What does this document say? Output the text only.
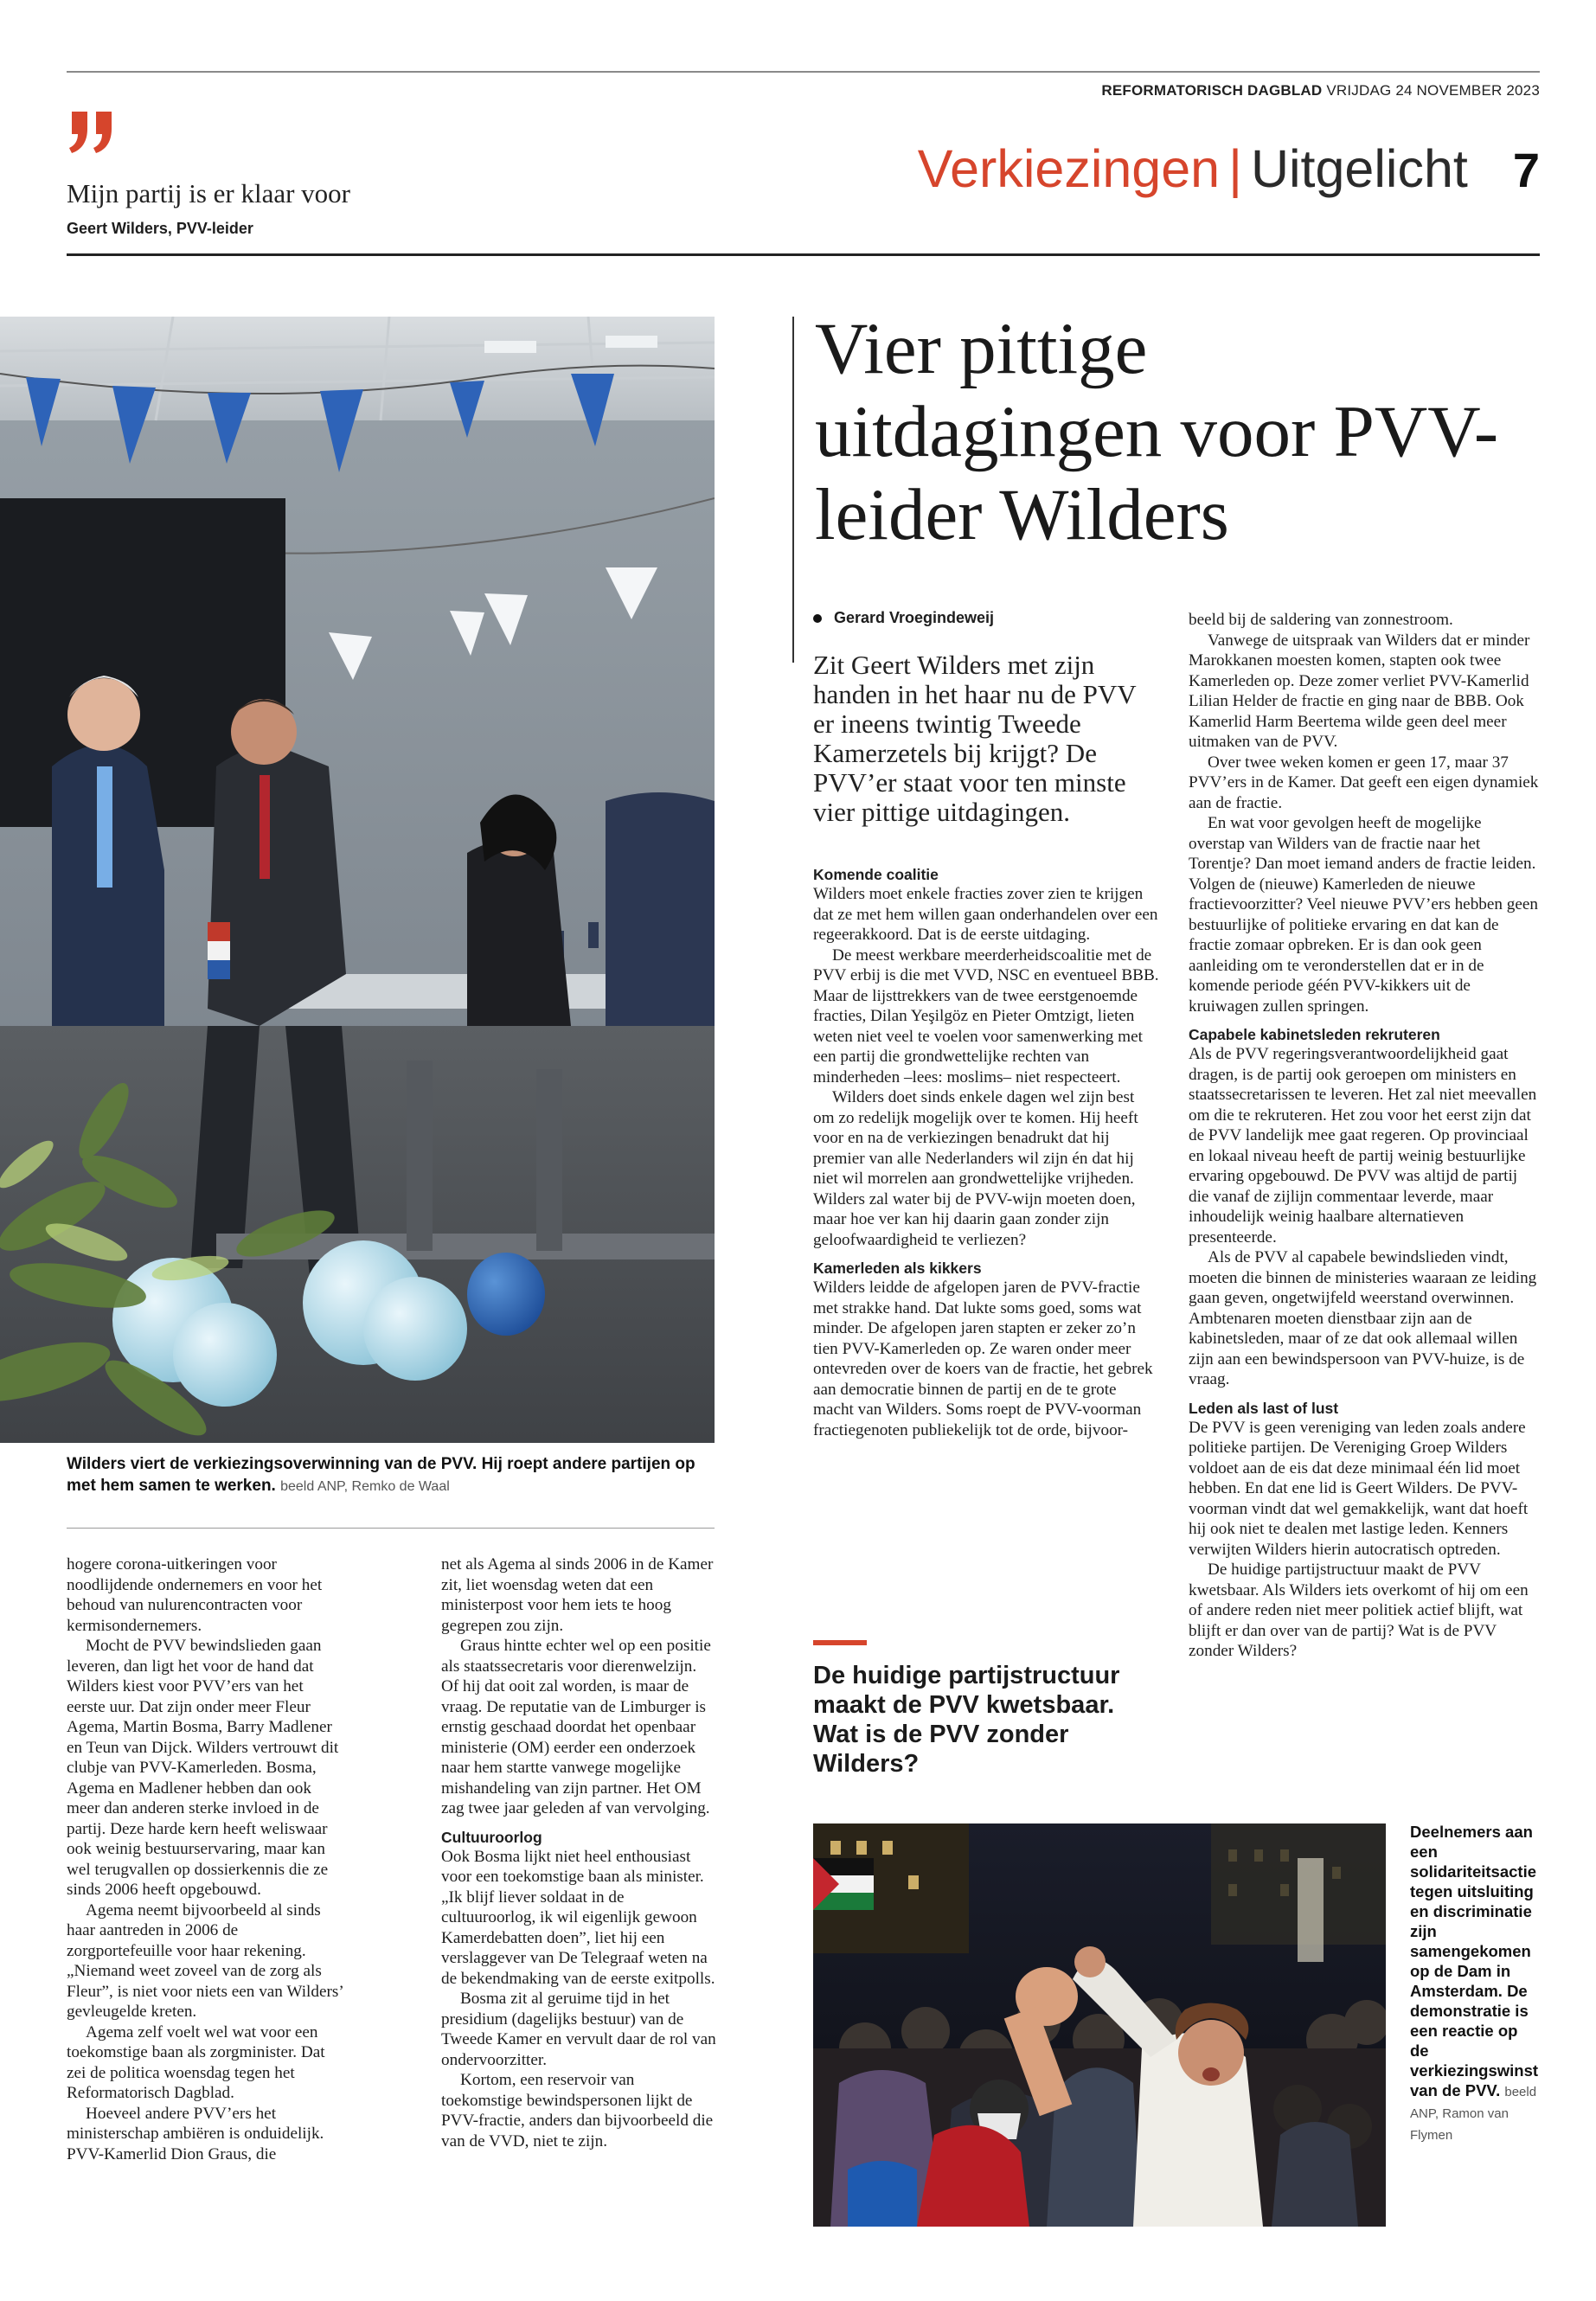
REFORMATORISCH DAGBLAD VRIJDAG 24 NOVEMBER 2023
Mijn partij is er klaar voor
Geert Wilders, PVV-leider
Verkiezingen | Uitgelicht 7
Wilders viert de verkiezingsoverwinning van de PVV. Hij roept andere partijen op met hem samen te werken. beeld ANP, Remko de Waal
Vier pittige uitdagingen voor PVV-leider Wilders
Gerard Vroegindeweij
Zit Geert Wilders met zijn handen in het haar nu de PVV er ineens twintig Tweede Kamerzetels bij krijgt? De PVV’er staat voor ten minste vier pittige uitdagingen.
Komende coalitie

Wilders moet enkele fracties zover zien te krijgen dat ze met hem willen gaan onderhandelen over een regeerakkoord. Dat is de eerste uitdaging.

De meest werkbare meerderheidscoalitie met de PVV erbij is die met VVD, NSC en eventueel BBB. Maar de lijsttrekkers van de twee eerstgenoemde fracties, Dilan Yeşilgöz en Pieter Omtzigt, lieten weten niet veel te voelen voor samenwerking met een partij die grondwettelijke rechten van minderheden –lees: moslims– niet respecteert.

Wilders doet sinds enkele dagen wel zijn best om zo redelijk mogelijk over te komen. Hij heeft voor en na de verkiezingen benadrukt dat hij premier van alle Nederlanders wil zijn én dat hij niet wil morrelen aan grondwettelijke vrijheden. Wilders zal water bij de PVV-wijn moeten doen, maar hoe ver kan hij daarin gaan zonder zijn geloofwaardigheid te verliezen?

Kamerleden als kikkers

Wilders leidde de afgelopen jaren de PVV-fractie met strakke hand. Dat lukte soms goed, soms wat minder. De afgelopen jaren stapten er zeker zo’n tien PVV-Kamerleden op. Ze waren onder meer ontevreden over de koers van de fractie, het gebrek aan democratie binnen de partij en de te grote macht van Wilders. Soms roept de PVV-voorman fractiegenoten publiekelijk tot de orde, bijvoor-

beeld bij de saldering van zonnestroom.

Vanwege de uitspraak van Wilders dat er minder Marokkanen moesten komen, stapten ook twee Kamerleden op. Deze zomer verliet PVV-Kamerlid Lilian Helder de fractie en ging naar de BBB. Ook Kamerlid Harm Beertema wilde geen deel meer uitmaken van de PVV.

Over twee weken komen er geen 17, maar 37 PVV’ers in de Kamer. Dat geeft een eigen dynamiek aan de fractie.

En wat voor gevolgen heeft de mogelijke overstap van Wilders van de fractie naar het Torentje? Dan moet iemand anders de fractie leiden. Volgen de (nieuwe) Kamerleden de nieuwe fractievoorzitter? Veel nieuwe PVV’ers hebben geen bestuurlijke of politieke ervaring en dat kan de fractie zomaar opbreken. Er is dan ook geen aanleiding om te veronderstellen dat er in de komende periode géén PVV-kikkers uit de kruiwagen zullen springen.

Capabele kabinetsleden rekruteren

Als de PVV regeringsverantwoordelijkheid gaat dragen, is de partij ook geroepen om ministers en staatssecretarissen te leveren. Het zal niet meevallen om die te rekruteren. Het zou voor het eerst zijn dat de PVV landelijk mee gaat regeren. Op provinciaal en lokaal niveau heeft de partij weinig bestuurlijke ervaring opgebouwd. De PVV was altijd de partij die vanaf de zijlijn commentaar leverde, maar inhoudelijk weinig haalbare alternatieven presenteerde.

Als de PVV al capabele bewindslieden vindt, moeten die binnen de ministeries waaraan ze leiding gaan geven, ongetwijfeld weerstand overwinnen. Ambtenaren moeten dienstbaar zijn aan de kabinetsleden, maar of ze dat ook allemaal willen zijn aan een bewindspersoon van PVV-huize, is de vraag.

Leden als last of lust

De PVV is geen vereniging van leden zoals andere politieke partijen. De Vereniging Groep Wilders voldoet aan de eis dat deze minimaal één lid moet hebben. En dat ene lid is Geert Wilders. De PVV-voorman vindt dat wel gemakkelijk, want dat hoeft hij ook niet te dealen met lastige leden. Kenners verwijten Wilders hierin autocratisch optreden.

De huidige partijstructuur maakt de PVV kwetsbaar. Als Wilders iets overkomt of hij om een of andere reden niet meer politiek actief blijft, wat blijft er dan over van de partij? Wat is de PVV zonder Wilders?

De huidige partijstructuur maakt de PVV kwetsbaar. Wat is de PVV zonder Wilders?

hogere corona-uitkeringen voor noodlijdende ondernemers en voor het behoud van nulurencontracten voor kermisondernemers.

Mocht de PVV bewindslieden gaan leveren, dan ligt het voor de hand dat Wilders kiest voor PVV’ers van het eerste uur. Dat zijn onder meer Fleur Agema, Martin Bosma, Barry Madlener en Teun van Dijck. Wilders vertrouwt dit clubje van PVV-Kamerleden. Bosma, Agema en Madlener hebben dan ook meer dan anderen sterke invloed in de partij. Deze harde kern heeft weliswaar ook weinig bestuurservaring, maar kan wel terugvallen op dossierkennis die ze sinds 2006 heeft opgebouwd.

Agema neemt bijvoorbeeld al sinds haar aantreden in 2006 de zorgportefeuille voor haar rekening. „Niemand weet zoveel van de zorg als Fleur”, is niet voor niets een van Wilders’ gevleugelde kreten.

Agema zelf voelt wel wat voor een toekomstige baan als zorgminister. Dat zei de politica woensdag tegen het Reformatorisch Dagblad.

Hoeveel andere PVV’ers het ministerschap ambiëren is onduidelijk. PVV-Kamerlid Dion Graus, die

net als Agema al sinds 2006 in de Kamer zit, liet woensdag weten dat een ministerpost voor hem iets te hoog gegrepen zou zijn.

Graus hintte echter wel op een positie als staatssecretaris voor dierenwelzijn. Of hij dat ooit zal worden, is maar de vraag. De reputatie van de Limburger is ernstig geschaad doordat het openbaar ministerie (OM) eerder een onderzoek naar hem startte vanwege mogelijke mishandeling van zijn partner. Het OM zag twee jaar geleden af van vervolging.

Cultuuroorlog

Ook Bosma lijkt niet heel enthousiast voor een toekomstige baan als minister. „Ik blijf liever soldaat in de cultuuroorlog, ik wil eigenlijk gewoon Kamerdebatten doen”, liet hij een verslaggever van De Telegraaf weten na de bekendmaking van de eerste exitpolls.

Bosma zit al geruime tijd in het presidium (dagelijks bestuur) van de Tweede Kamer en vervult daar de rol van ondervoorzitter.

Kortom, een reservoir van toekomstige bewindspersonen lijkt de PVV-fractie, anders dan bijvoorbeeld die van de VVD, niet te zijn.

Deelnemers aan een solidariteitsactie tegen uitsluiting en discriminatie zijn samengekomen op de Dam in Amsterdam. De demonstratie is een reactie op de verkiezingswinst van de PVV. beeld ANP, Ramon van Flymen
